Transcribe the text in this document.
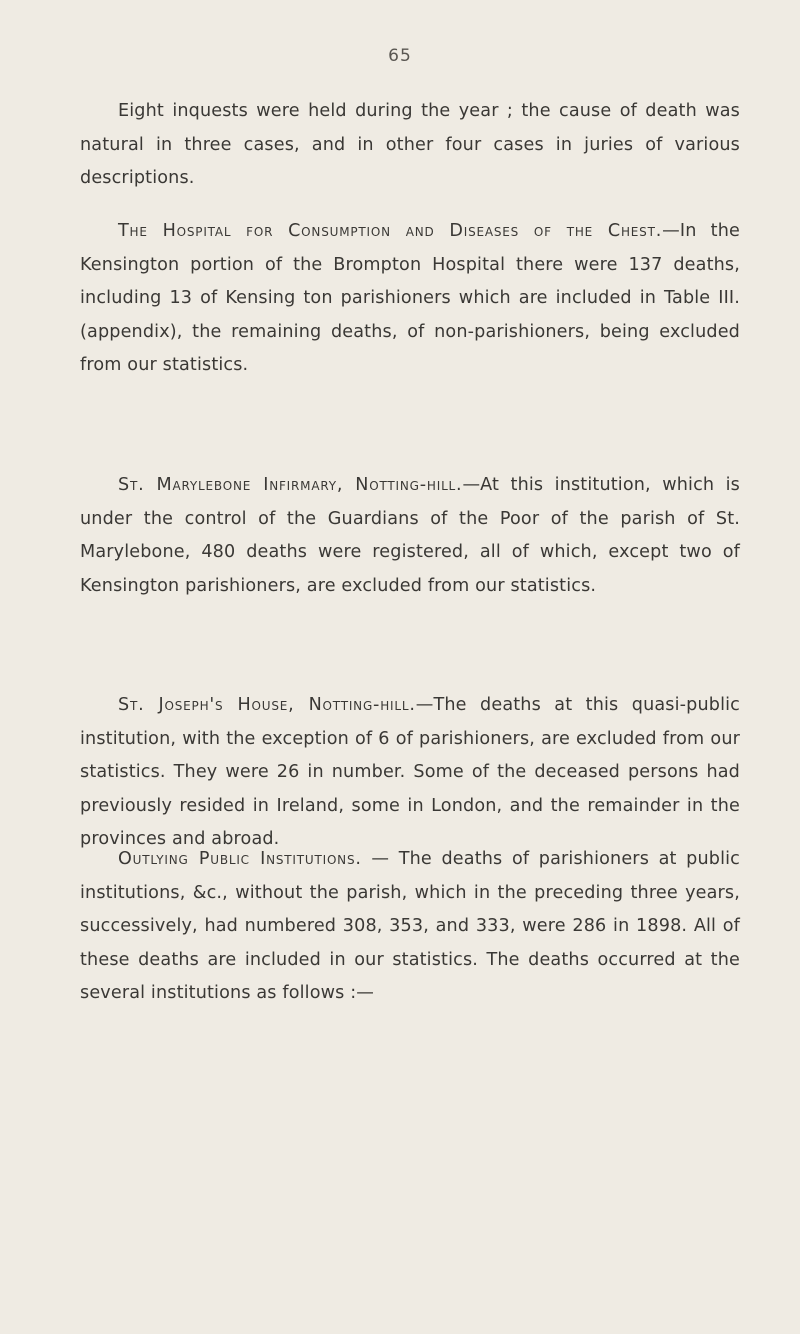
65

Eight inquests were held during the year ; the cause of death was natural in three cases, and in other four cases in juries of various descriptions.

The Hospital for Consumption and Diseases of the Chest.—In the Kensington portion of the Brompton Hospital there were 137 deaths, including 13 of Kensing ton parishioners which are included in Table III. (appendix), the remaining deaths, of non-parishioners, being excluded from our statistics.

St. Marylebone Infirmary, Notting-hill.—At this institution, which is under the control of the Guardians of the Poor of the parish of St. Marylebone, 480 deaths were registered, all of which, except two of Kensington parishioners, are excluded from our statistics.

St. Joseph's House, Notting-hill.—The deaths at this quasi-public institution, with the exception of 6 of parishioners, are excluded from our statistics. They were 26 in number. Some of the deceased persons had previously resided in Ireland, some in London, and the remainder in the provinces and abroad.

Outlying Public Institutions. — The deaths of parishioners at public institutions, &c., without the parish, which in the preceding three years, successively, had numbered 308, 353, and 333, were 286 in 1898. All of these deaths are included in our statistics. The deaths occurred at the several institutions as follows :—
